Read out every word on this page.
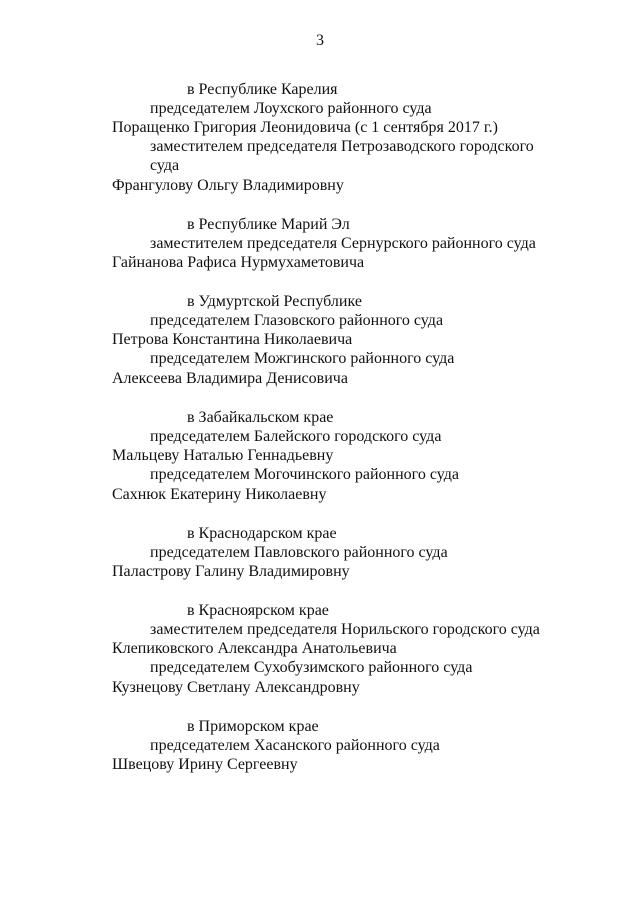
3
в Республике Карелия
председателем Лоухского районного суда
Поращенко Григория Леонидовича (с 1 сентября 2017 г.)
заместителем председателя Петрозаводского городского
суда
Франгулову Ольгу Владимировну
в Республике Марий Эл
заместителем председателя Сернурского районного суда
Гайнанова Рафиса Нурмухаметовича
в Удмуртской Республике
председателем Глазовского районного суда
Петрова Константина Николаевича
председателем Можгинского районного суда
Алексеева Владимира Денисовича
в Забайкальском крае
председателем Балейского городского суда
Мальцеву Наталью Геннадьевну
председателем Могочинского районного суда
Сахнюк Екатерину Николаевну
в Краснодарском крае
председателем Павловского районного суда
Паластрову Галину Владимировну
в Красноярском крае
заместителем председателя Норильского городского суда
Клепиковского Александра Анатольевича
председателем Сухобузимского районного суда
Кузнецову Светлану Александровну
в Приморском крае
председателем Хасанского районного суда
Швецову Ирину Сергеевну
